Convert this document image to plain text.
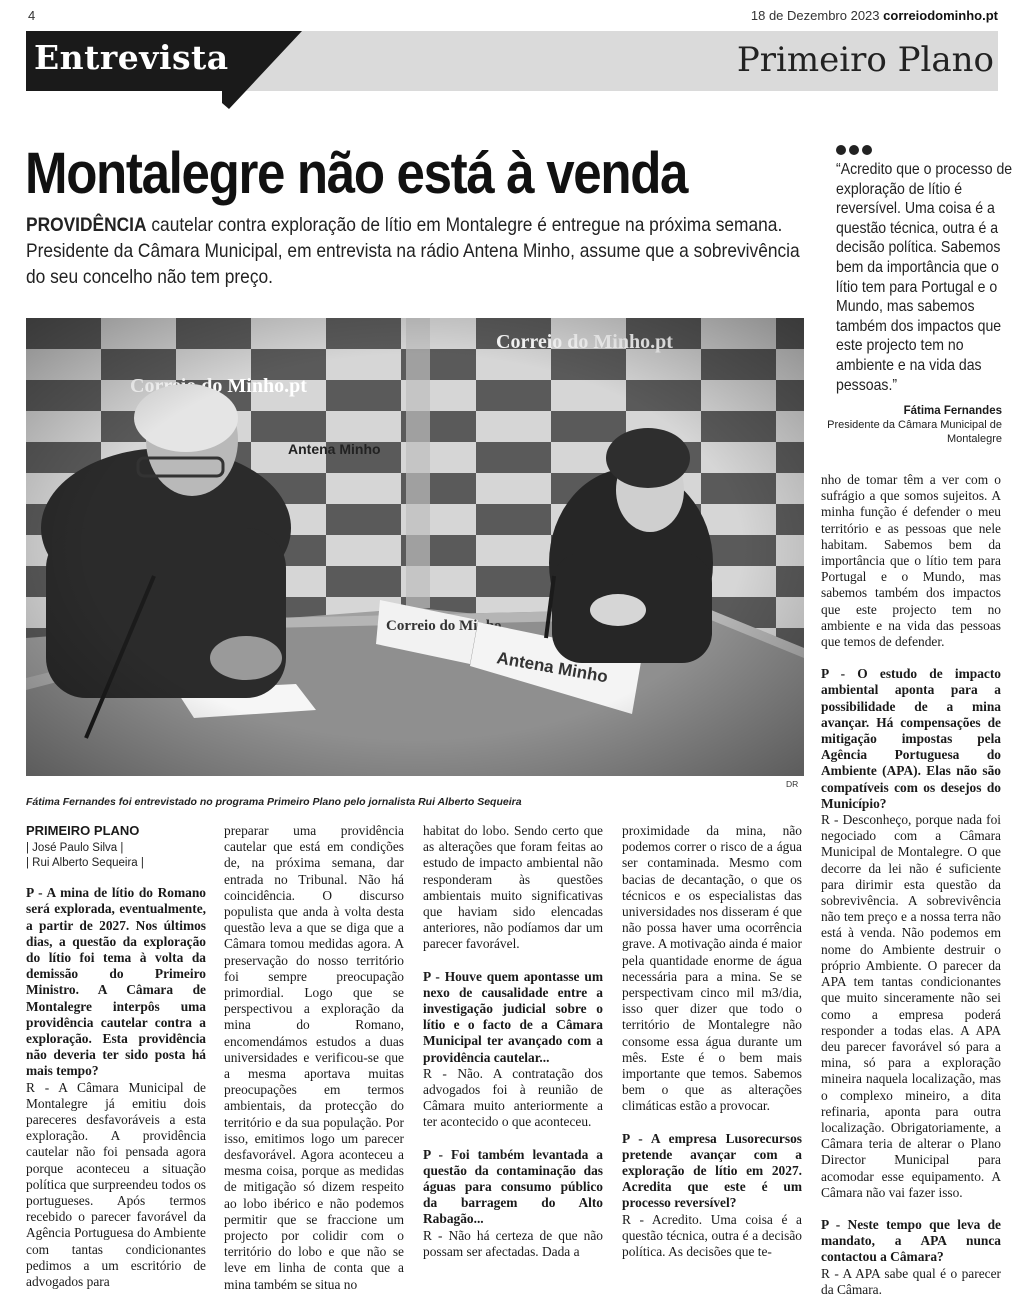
4	18 de Dezembro 2023 correiodominho.pt
Entrevista	Primeiro Plano
Montalegre não está à venda
PROVIDÊNCIA cautelar contra exploração de lítio em Montalegre é entregue na próxima semana. Presidente da Câmara Municipal, em entrevista na rádio Antena Minho, assume que a sobrevivência do seu concelho não tem preço.
“Acredito que o processo de exploração de lítio é reversível. Uma coisa é a questão técnica, outra é a decisão política. Sabemos bem da importância que o lítio tem para Portugal e o Mundo, mas sabemos também dos impactos que este projecto tem no ambiente e na vida das pessoas.”
Fátima Fernandes
Presidente da Câmara Municipal de Montalegre
DR
Fátima Fernandes foi entrevistado no programa Primeiro Plano pelo jornalista Rui Alberto Sequeira
PRIMEIRO PLANO
| José Paulo Silva |
| Rui Alberto Sequeira |

P - A mina de lítio do Romano será explorada, eventualmente, a partir de 2027. Nos últimos dias, a questão da exploração do lítio foi tema à volta da demissão do Primeiro Ministro. A Câmara de Montalegre interpôs uma providência cautelar contra a exploração. Esta providência não deveria ter sido posta há mais tempo?

R - A Câmara Municipal de Montalegre já emitiu dois pareceres desfavoráveis a esta exploração. A providência cautelar não foi pensada agora porque aconteceu a situação política que surpreendeu todos os portugueses. Após termos recebido o parecer favorável da Agência Portuguesa do Ambiente com tantas condicionantes pedimos a um escritório de advogados para

preparar uma providência cautelar que está em condições de, na próxima semana, dar entrada no Tribunal. Não há coincidência. O discurso populista que anda à volta desta questão leva a que se diga que a Câmara tomou medidas agora. A preservação do nosso território foi sempre preocupação primordial. Logo que se perspectivou a exploração da mina do Romano, encomendámos estudos a duas universidades e verificou-se que a mesma aportava muitas preocupações em termos ambientais, da protecção do território e da sua população. Por isso, emitimos logo um parecer desfavorável. Agora aconteceu a mesma coisa, porque as medidas de mitigação só dizem respeito ao lobo ibérico e não podemos permitir que se fraccione um projecto por colidir com o território do lobo e que não se leve em linha de conta que a mina também se situa no

habitat do lobo. Sendo certo que as alterações que foram feitas ao estudo de impacto ambiental não responderam às questões ambientais muito significativas que haviam sido elencadas anteriores, não podíamos dar um parecer favorável.

P - Houve quem apontasse um nexo de causalidade entre a investigação judicial sobre o lítio e o facto de a Câmara Municipal ter avançado com a providência cautelar...

R - Não. A contratação dos advogados foi à reunião de Câmara muito anteriormente a ter acontecido o que aconteceu.

P - Foi também levantada a questão da contaminação das águas para consumo público da barragem do Alto Rabagão...

R - Não há certeza de que não possam ser afectadas. Dada a

proximidade da mina, não podemos correr o risco de a água ser contaminada. Mesmo com bacias de decantação, o que os técnicos e os especialistas das universidades nos disseram é que não possa haver uma ocorrência grave. A motivação ainda é maior pela quantidade enorme de água necessária para a mina. Se se perspectivam cinco mil m3/dia, isso quer dizer que todo o território de Montalegre não consome essa água durante um mês. Este é o bem mais importante que temos. Sabemos bem o que as alterações climáticas estão a provocar.

P - A empresa Lusorecursos pretende avançar com a exploração de lítio em 2027. Acredita que este é um processo reversível?

R - Acredito. Uma coisa é a questão técnica, outra é a decisão política. As decisões que te-

nho de tomar têm a ver com o sufrágio a que somos sujeitos. A minha função é defender o meu território e as pessoas que nele habitam. Sabemos bem da importância que o lítio tem para Portugal e o Mundo, mas sabemos também dos impactos que este projecto tem no ambiente e na vida das pessoas que temos de defender.

P - O estudo de impacto ambiental aponta para a possibilidade de a mina avançar. Há compensações de mitigação impostas pela Agência Portuguesa do Ambiente (APA). Elas não são compatíveis com os desejos do Município?

R - Desconheço, porque nada foi negociado com a Câmara Municipal de Montalegre. O que decorre da lei não é suficiente para dirimir esta questão da sobrevivência. A sobrevivência não tem preço e a nossa terra não está à venda. Não podemos em nome do Ambiente destruir o próprio Ambiente. O parecer da APA tem tantas condicionantes que muito sinceramente não sei como a empresa poderá responder a todas elas. A APA deu parecer favorável só para a mina, só para a exploração mineira naquela localização, mas o complexo mineiro, a dita refinaria, aponta para outra localização. Obrigatoriamente, a Câmara teria de alterar o Plano Director Municipal para acomodar esse equipamento. A Câmara não vai fazer isso.

P - Neste tempo que leva de mandato, a APA nunca contactou a Câmara?

R - A APA sabe qual é o parecer da Câmara.
